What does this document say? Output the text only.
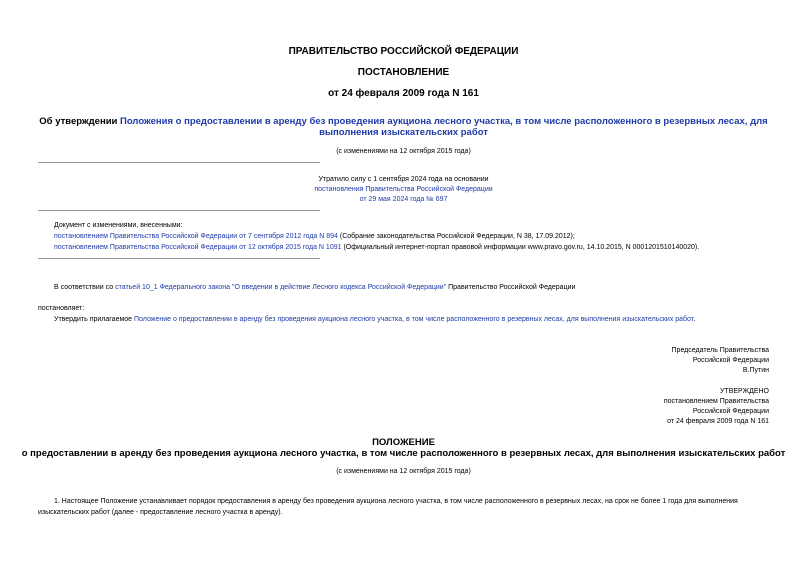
ПРАВИТЕЛЬСТВО РОССИЙСКОЙ ФЕДЕРАЦИИ
ПОСТАНОВЛЕНИЕ
от 24 февраля 2009 года N 161
Об утверждении Положения о предоставлении в аренду без проведения аукциона лесного участка, в том числе расположенного в резервных лесах, для
выполнения изыскательских работ
(с изменениями на 12 октября 2015 года)
Утратило силу с 1 сентября 2024 года на основании
постановления Правительства Российской Федерации
от 29 мая 2024 года № 697
Документ с изменениями, внесенными:
постановлением Правительства Российской Федерации от 7 сентября 2012 года N 894 (Собрание законодательства Российской Федерации, N 38, 17.09.2012);
постановлением Правительства Российской Федерации от 12 октября 2015 года N 1091 (Официальный интернет-портал правовой информации www.pravo.gov.ru, 14.10.2015, N 0001201510140020).
В соответствии со статьей 10_1 Федерального закона "О введении в действие Лесного кодекса Российской Федерации" Правительство Российской Федерации
постановляет:
Утвердить прилагаемое Положение о предоставлении в аренду без проведения аукциона лесного участка, в том числе расположенного в резервных лесах, для выполнения изыскательских работ.
Председатель Правительства
Российской Федерации
В.Путин
УТВЕРЖДЕНО
постановлением Правительства
Российской Федерации
от 24 февраля 2009 года N 161
ПОЛОЖЕНИЕ
о предоставлении в аренду без проведения аукциона лесного участка, в том числе расположенного в резервных лесах, для выполнения изыскательских работ
(с изменениями на 12 октября 2015 года)
1. Настоящее Положение устанавливает порядок предоставления в аренду без проведения аукциона лесного участка, в том числе расположенного в резервных лесах, на срок не более 1 года для выполнения
изыскательских работ (далее - предоставление лесного участка в аренду).
